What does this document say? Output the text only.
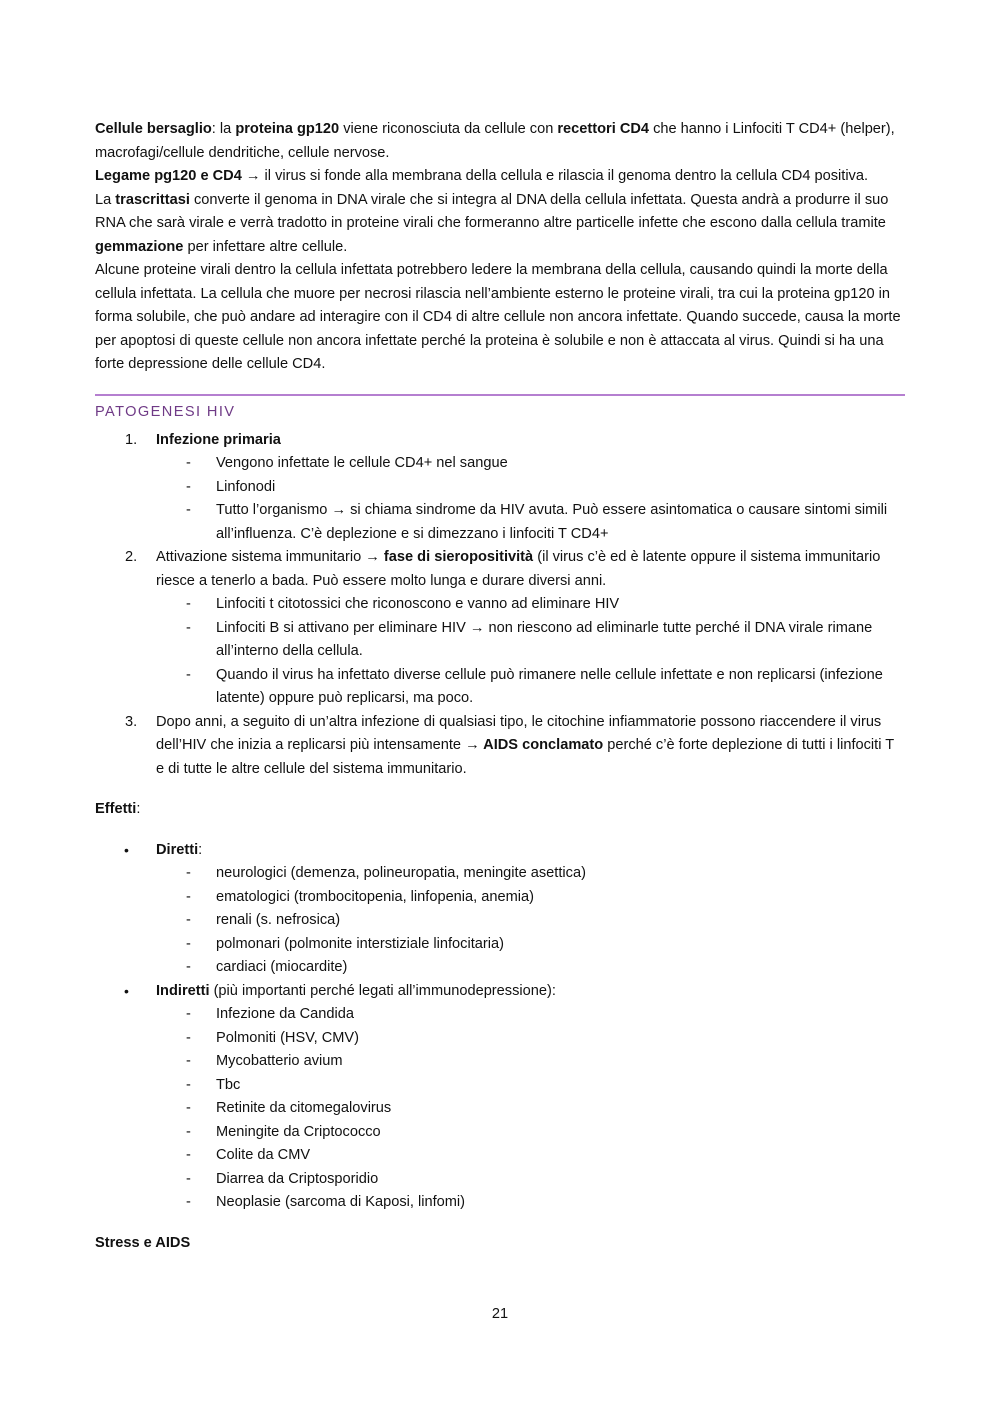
Cellule bersaglio: la proteina gp120 viene riconosciuta da cellule con recettori CD4 che hanno i Linfociti T CD4+ (helper), macrofagi/cellule dendritiche, cellule nervose.

Legame pg120 e CD4 → il virus si fonde alla membrana della cellula e rilascia il genoma dentro la cellula CD4 positiva.

La trascrittasi converte il genoma in DNA virale che si integra al DNA della cellula infettata. Questa andrà a produrre il suo RNA che sarà virale e verrà tradotto in proteine virali che formeranno altre particelle infette che escono dalla cellula tramite gemmazione per infettare altre cellule.

Alcune proteine virali dentro la cellula infettata potrebbero ledere la membrana della cellula, causando quindi la morte della cellula infettata. La cellula che muore per necrosi rilascia nell’ambiente esterno le proteine virali, tra cui la proteina gp120 in forma solubile, che può andare ad interagire con il CD4 di altre cellule non ancora infettate. Quando succede, causa la morte per apoptosi di queste cellule non ancora infettate perché la proteina è solubile e non è attaccata al virus. Quindi si ha una forte depressione delle cellule CD4.

PATOGENESI HIV
1. Infezione primaria
- Vengono infettate le cellule CD4+ nel sangue
- Linfonodi
- Tutto l’organismo → si chiama sindrome da HIV avuta. Può essere asintomatica o causare sintomi simili all’influenza. C’è deplezione e si dimezzano i linfociti T CD4+
2. Attivazione sistema immunitario → fase di sieropositività (il virus c’è ed è latente oppure il sistema immunitario riesce a tenerlo a bada. Può essere molto lunga e durare diversi anni.
- Linfociti t citotossici che riconoscono e vanno ad eliminare HIV
- Linfociti B si attivano per eliminare HIV → non riescono ad eliminarle tutte perché il DNA virale rimane all’interno della cellula.
- Quando il virus ha infettato diverse cellule può rimanere nelle cellule infettate e non replicarsi (infezione latente) oppure può replicarsi, ma poco.
3. Dopo anni, a seguito di un’altra infezione di qualsiasi tipo, le citochine infiammatorie possono riaccendere il virus dell’HIV che inizia a replicarsi più intensamente → AIDS conclamato perché c’è forte deplezione di tutti i linfociti T e di tutte le altre cellule del sistema immunitario.

Effetti:

• Diretti:
- neurologici (demenza, polineuropatia, meningite asettica)
- ematologici (trombocitopenia, linfopenia, anemia)
- renali (s. nefrosica)
- polmonari (polmonite interstiziale linfocitaria)
- cardiaci (miocardite)
• Indiretti (più importanti perché legati all’immunodepressione):
- Infezione da Candida
- Polmoniti (HSV, CMV)
- Mycobatterio avium
- Tbc
- Retinite da citomegalovirus
- Meningite da Criptococco
- Colite da CMV
- Diarrea da Criptosporidio
- Neoplasie (sarcoma di Kaposi, linfomi)

Stress e AIDS

21
